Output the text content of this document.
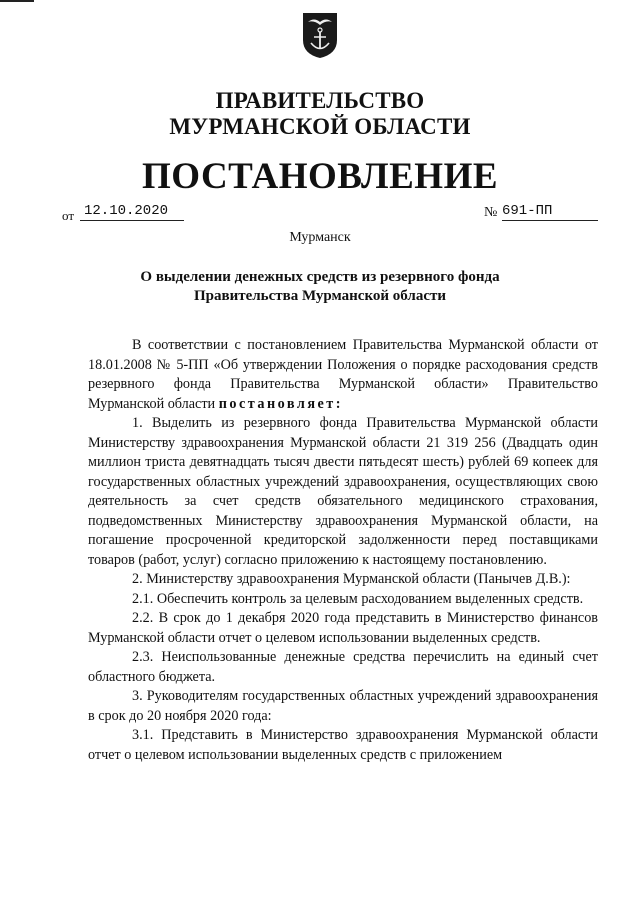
ПРАВИТЕЛЬСТВО
МУРМАНСКОЙ ОБЛАСТИ
ПОСТАНОВЛЕНИЕ
от 12.10.2020	№ 691-ПП
Мурманск
О выделении денежных средств из резервного фонда
Правительства Мурманской области

В соответствии с постановлением Правительства Мурманской области от 18.01.2008 № 5-ПП «Об утверждении Положения о порядке расходования средств резервного фонда Правительства Мурманской области» Правительство Мурманской области постановляет:

1. Выделить из резервного фонда Правительства Мурманской области Министерству здравоохранения Мурманской области 21 319 256 (Двадцать один миллион триста девятнадцать тысяч двести пятьдесят шесть) рублей 69 копеек для государственных областных учреждений здравоохранения, осуществляющих свою деятельность за счет средств обязательного медицинского страхования, подведомственных Министерству здравоохранения Мурманской области, на погашение просроченной кредиторской задолженности перед поставщиками товаров (работ, услуг) согласно приложению к настоящему постановлению.

2. Министерству здравоохранения Мурманской области (Панычев Д.В.):

2.1. Обеспечить контроль за целевым расходованием выделенных средств.

2.2. В срок до 1 декабря 2020 года представить в Министерство финансов Мурманской области отчет о целевом использовании выделенных средств.

2.3. Неиспользованные денежные средства перечислить на единый счет областного бюджета.

3. Руководителям государственных областных учреждений здравоохранения в срок до 20 ноября 2020 года:

3.1. Представить в Министерство здравоохранения Мурманской области отчет о целевом использовании выделенных средств с приложением
